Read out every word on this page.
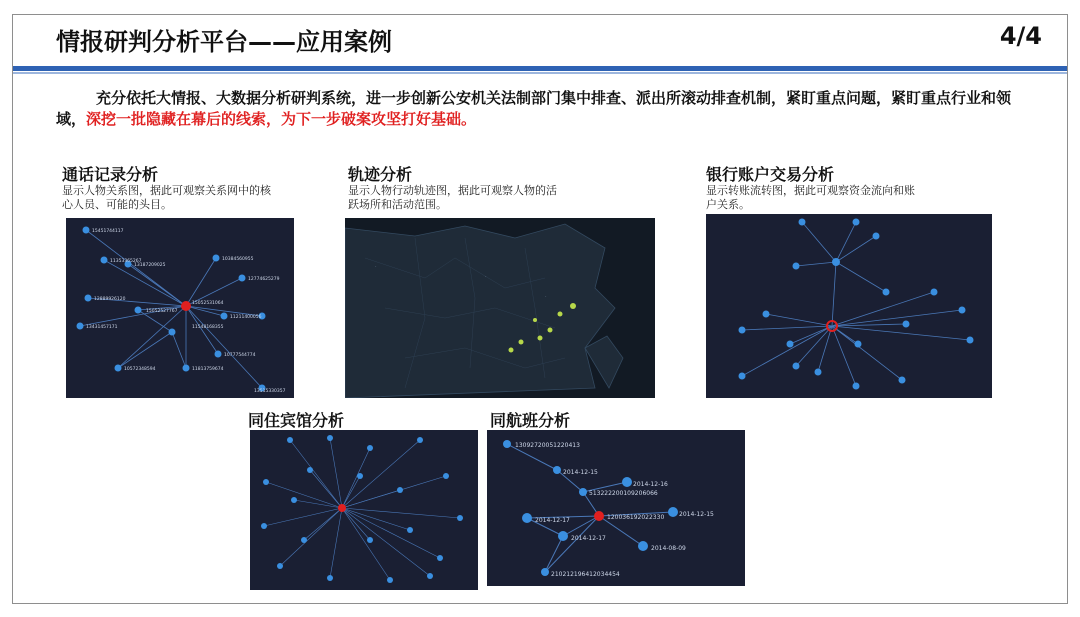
情报研判分析平台——应用案例	4/4
充分依托大情报、大数据分析研判系统，进一步创新公安机关法制部门集中排查、派出所滚动排查机制，紧盯重点问题，紧盯重点行业和领域，深挖一批隐藏在幕后的线索，为下一步破案攻坚打好基础。
通话记录分析
显示人物关系图，据此可观察关系网中的核
心人员、可能的头目。
15451744117
11353365267
13187209025
10384560955
12774625279
11211400056
12889926120
15052531064
11548168355
13431457171
15052527767
10777544774
10572348594	11813759674
13515330357
轨迹分析
显示人物行动轨迹图，据此可观察人物的活
跃场所和活动范围。
·
·
·
银行账户交易分析
显示转账流转图，据此可观察资金流向和账
户关系。
同住宾馆分析	同航班分析
13092720051220413
2014-12-15
2014-12-16
513222200109206066
120036192022330
2014-12-17
2014-12-15
2014-12-17
2014-08-09
210212196412034454
